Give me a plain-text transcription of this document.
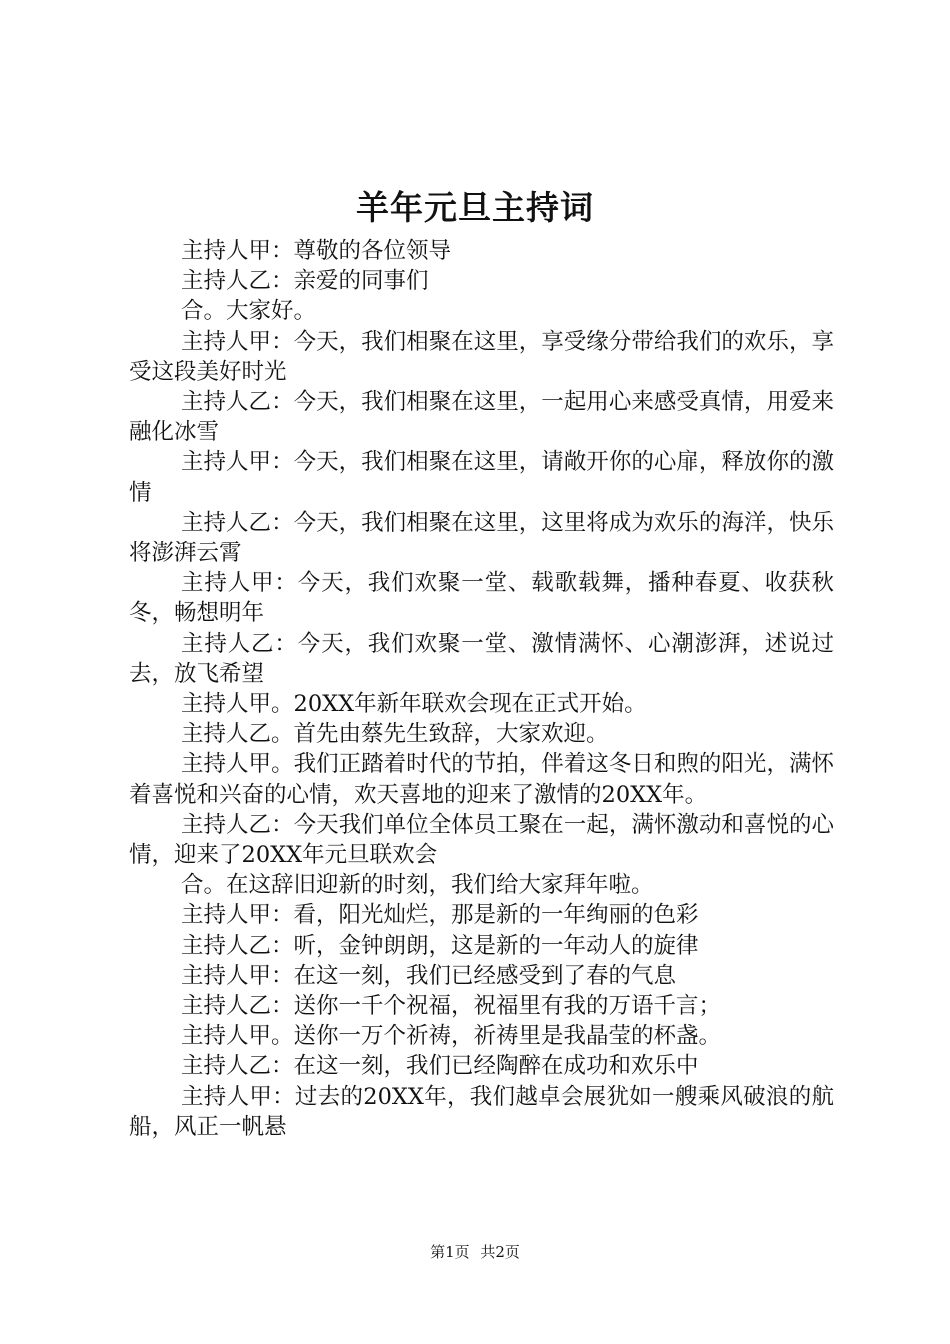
羊年元旦主持词

主持人甲：尊敬的各位领导

主持人乙：亲爱的同事们

合。大家好。

主持人甲：今天，我们相聚在这里，享受缘分带给我们的欢乐，享受这段美好时光

主持人乙：今天，我们相聚在这里，一起用心来感受真情，用爱来融化冰雪

主持人甲：今天，我们相聚在这里，请敞开你的心扉，释放你的激情

主持人乙：今天，我们相聚在这里，这里将成为欢乐的海洋，快乐将澎湃云霄

主持人甲：今天，我们欢聚一堂、载歌载舞，播种春夏、收获秋冬，畅想明年

主持人乙：今天，我们欢聚一堂、激情满怀、心潮澎湃，述说过去，放飞希望

主持人甲。20XX年新年联欢会现在正式开始。

主持人乙。首先由蔡先生致辞，大家欢迎。

主持人甲。我们正踏着时代的节拍，伴着这冬日和煦的阳光，满怀着喜悦和兴奋的心情，欢天喜地的迎来了激情的20XX年。

主持人乙：今天我们单位全体员工聚在一起，满怀激动和喜悦的心情，迎来了20XX年元旦联欢会

合。在这辞旧迎新的时刻，我们给大家拜年啦。

主持人甲：看，阳光灿烂，那是新的一年绚丽的色彩

主持人乙：听，金钟朗朗，这是新的一年动人的旋律

主持人甲：在这一刻，我们已经感受到了春的气息

主持人乙：送你一千个祝福，祝福里有我的万语千言；

主持人甲。送你一万个祈祷，祈祷里是我晶莹的杯盏。

主持人乙：在这一刻，我们已经陶醉在成功和欢乐中

主持人甲：过去的20XX年，我们越卓会展犹如一艘乘风破浪的航船，风正一帆悬

第1页 共2页
